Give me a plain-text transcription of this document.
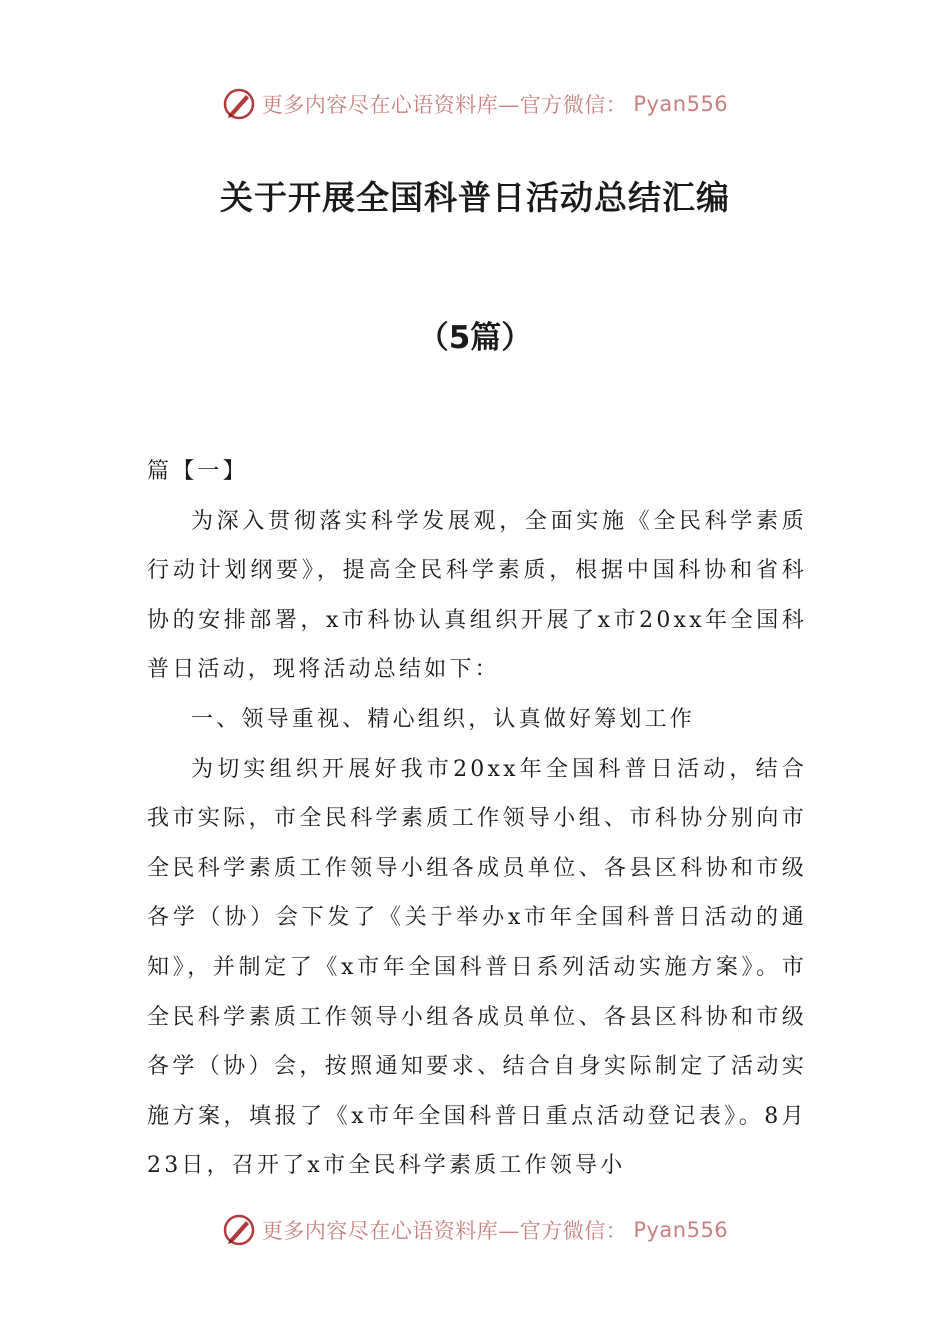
更多内容尽在心语资料库—官方微信： Pyan556
关于开展全国科普日活动总结汇编
（5篇）

篇【一】

为深入贯彻落实科学发展观，全面实施《全民科学素质行动计划纲要》，提高全民科学素质，根据中国科协和省科协的安排部署，x市科协认真组织开展了x市20xx年全国科普日活动，现将活动总结如下：

一、领导重视、精心组织，认真做好筹划工作

为切实组织开展好我市20xx年全国科普日活动，结合我市实际，市全民科学素质工作领导小组、市科协分别向市全民科学素质工作领导小组各成员单位、各县区科协和市级各学（协）会下发了《关于举办x市年全国科普日活动的通知》，并制定了《x市年全国科普日系列活动实施方案》。市全民科学素质工作领导小组各成员单位、各县区科协和市级各学（协）会，按照通知要求、结合自身实际制定了活动实施方案，填报了《x市年全国科普日重点活动登记表》。8月23日，召开了x市全民科学素质工作领导小

更多内容尽在心语资料库—官方微信： Pyan556
